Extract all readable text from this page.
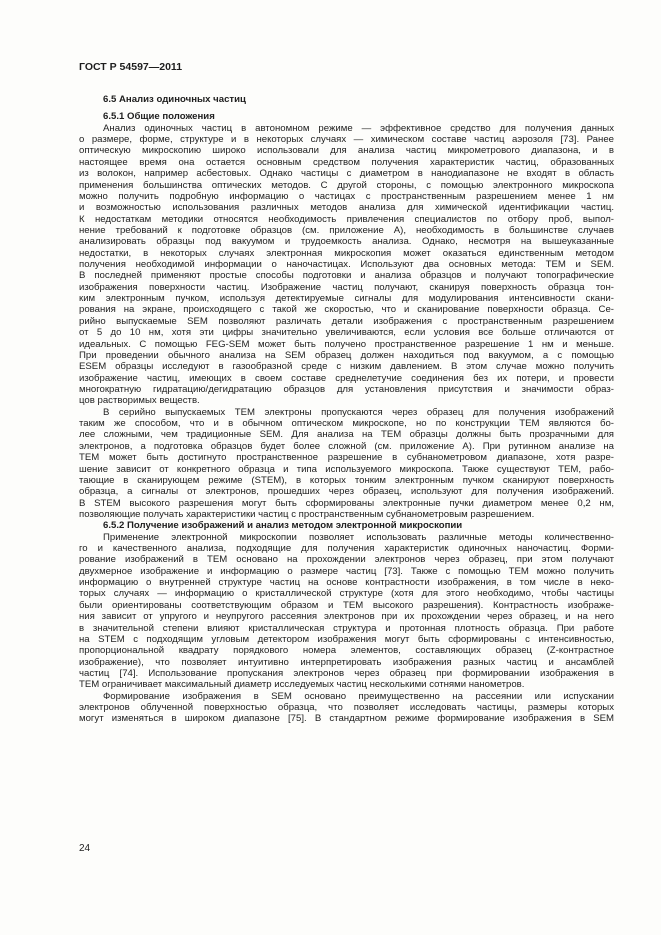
ГОСТ Р 54597—2011
6.5 Анализ одиночных частиц
6.5.1 Общие положения
Анализ одиночных частиц в автономном режиме — эффективное средство для получения данных
о размере, форме, структуре и в некоторых случаях — химическом составе частиц аэрозоля [73]. Ранее
оптическую микроскопию широко использовали для анализа частиц микрометрового диапазона, и в
настоящее время она остается основным средством получения характеристик частиц, образованных
из волокон, например асбестовых. Однако частицы с диаметром в нанодиапазоне не входят в область
применения большинства оптических методов. С другой стороны, с помощью электронного микроскопа
можно получить подробную информацию о частицах с пространственным разрешением менее 1 нм
и возможностью использования различных методов анализа для химической идентификации частиц.
К недостаткам методики относятся необходимость привлечения специалистов по отбору проб, выпол-
нение требований к подготовке образцов (см. приложение А), необходимость в большинстве случаев
анализировать образцы под вакуумом и трудоемкость анализа. Однако, несмотря на вышеуказанные
недостатки, в некоторых случаях электронная микроскопия может оказаться единственным методом
получения необходимой информации о наночастицах. Используют два основных метода: ТЕМ и SEM.
В последней применяют простые способы подготовки и анализа образцов и получают топографические
изображения поверхности частиц. Изображение частиц получают, сканируя поверхность образца тон-
ким электронным пучком, используя детектируемые сигналы для модулирования интенсивности скани-
рования на экране, происходящего с такой же скоростью, что и сканирование поверхности образца. Се-
рийно выпускаемые SEM позволяют различать детали изображения с пространственным разрешением
от 5 до 10 нм, хотя эти цифры значительно увеличиваются, если условия все больше отличаются от
идеальных. С помощью FEG-SEM может быть получено пространственное разрешение 1 нм и меньше.
При проведении обычного анализа на SEM образец должен находиться под вакуумом, а с помощью
ESEM образцы исследуют в газообразной среде с низким давлением. В этом случае можно получить
изображение частиц, имеющих в своем составе среднелетучие соединения без их потери, и провести
многократную гидратацию/дегидратацию образцов для установления присутствия и значимости образ-
цов растворимых веществ.
В серийно выпускаемых ТЕМ электроны пропускаются через образец для получения изображений
таким же способом, что и в обычном оптическом микроскопе, но по конструкции ТЕМ являются бо-
лее сложными, чем традиционные SEM. Для анализа на ТЕМ образцы должны быть прозрачными для
электронов, а подготовка образцов будет более сложной (см. приложение А). При рутинном анализе на
ТЕМ может быть достигнуто пространственное разрешение в субнанометровом диапазоне, хотя разре-
шение зависит от конкретного образца и типа используемого микроскопа. Также существуют ТЕМ, рабо-
тающие в сканирующем режиме (STEM), в которых тонким электронным пучком сканируют поверхность
образца, а сигналы от электронов, прошедших через образец, используют для получения изображений.
В STEM высокого разрешения могут быть сформированы электронные пучки диаметром менее 0,2 нм,
позволяющие получать характеристики частиц с пространственным субнанометровым разрешением.
6.5.2 Получение изображений и анализ методом электронной микроскопии
Применение электронной микроскопии позволяет использовать различные методы количественно-
го и качественного анализа, подходящие для получения характеристик одиночных наночастиц. Форми-
рование изображений в ТЕМ основано на прохождении электронов через образец, при этом получают
двухмерное изображение и информацию о размере частиц [73]. Также с помощью ТЕМ можно получить
информацию о внутренней структуре частиц на основе контрастности изображения, в том числе в неко-
торых случаях — информацию о кристаллической структуре (хотя для этого необходимо, чтобы частицы
были ориентированы соответствующим образом и ТЕМ высокого разрешения). Контрастность изображе-
ния зависит от упругого и неупругого рассеяния электронов при их прохождении через образец, и на него
в значительной степени влияют кристаллическая структура и протонная плотность образца. При работе
на STEM с подходящим угловым детектором изображения могут быть сформированы с интенсивностью,
пропорциональной квадрату порядкового номера элементов, составляющих образец (Z-контрастное
изображение), что позволяет интуитивно интерпретировать изображения разных частиц и ансамблей
частиц [74]. Использование пропускания электронов через образец при формировании изображения в
ТЕМ ограничивает максимальный диаметр исследуемых частиц несколькими сотнями нанометров.
Формирование изображения в SEM основано преимущественно на рассеянии или испускании
электронов облученной поверхностью образца, что позволяет исследовать частицы, размеры которых
могут изменяться в широком диапазоне [75]. В стандартном режиме формирование изображения в SEM
24
